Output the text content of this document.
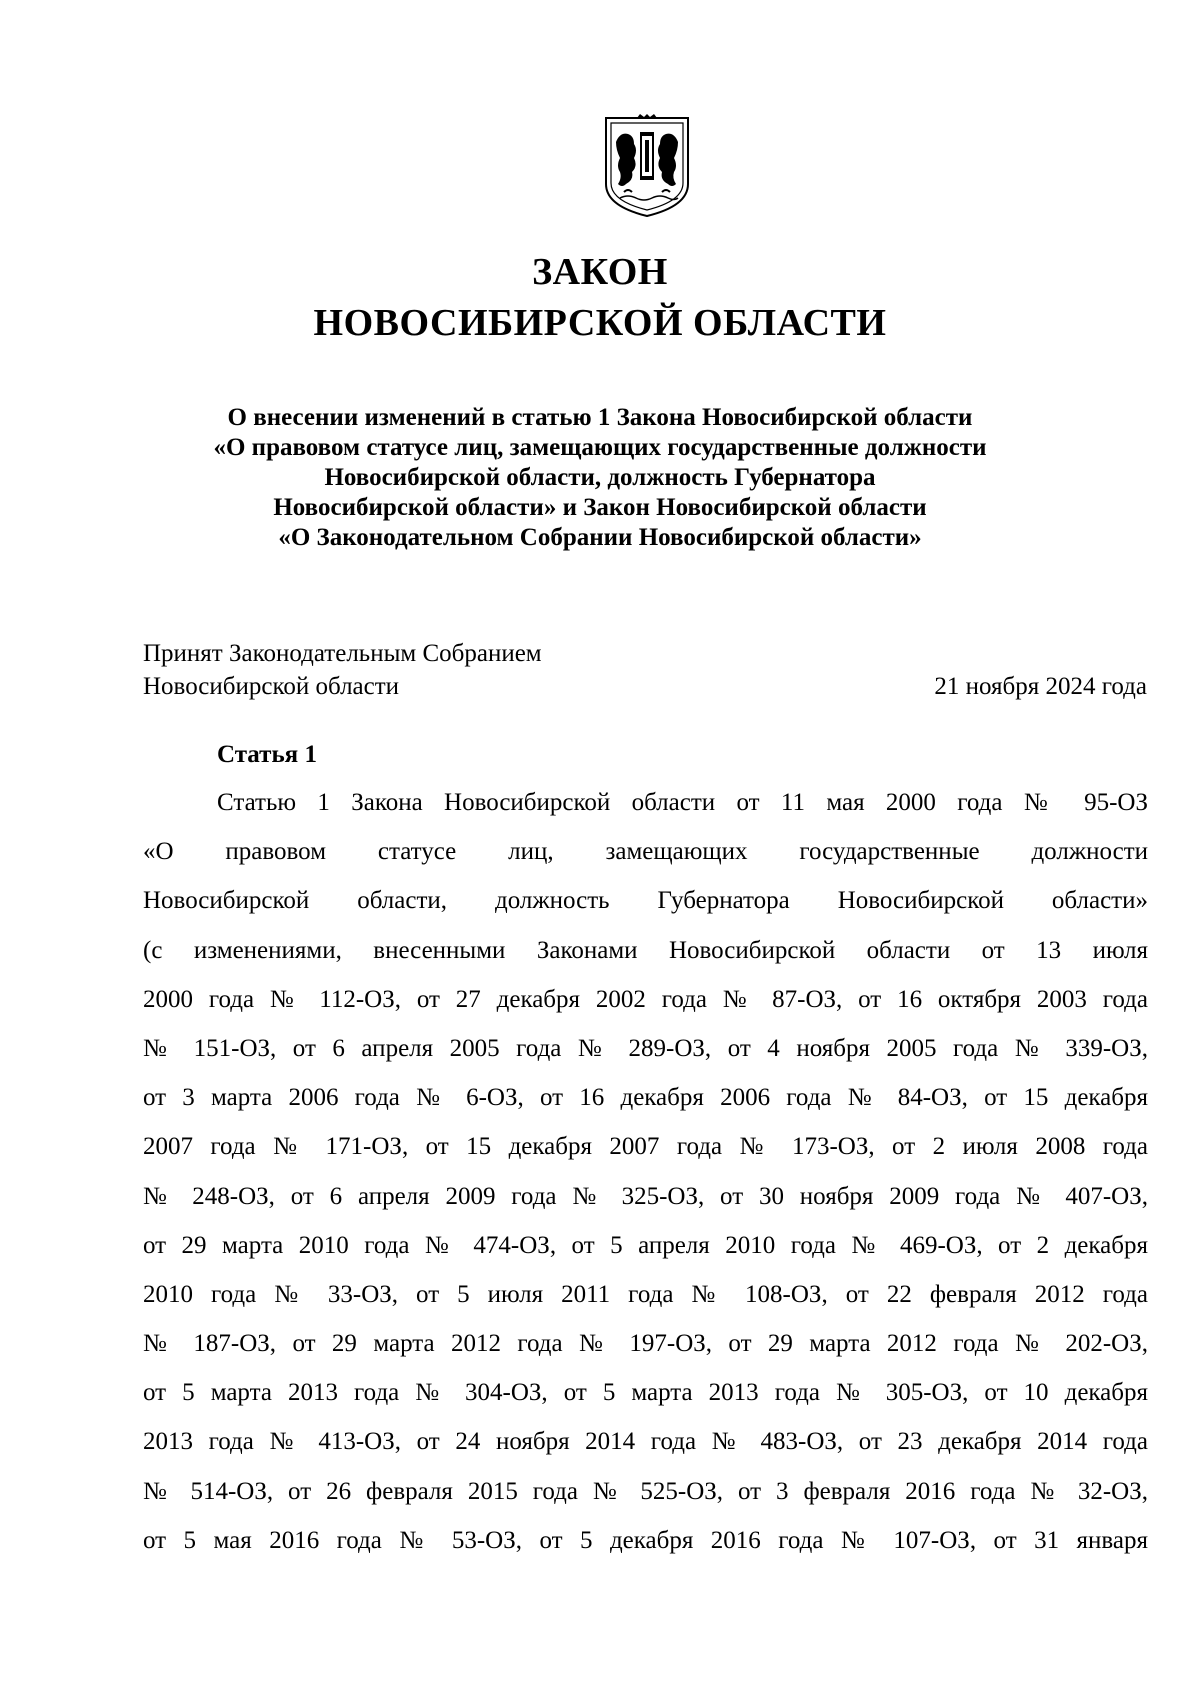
ЗАКОН
НОВОСИБИРСКОЙ ОБЛАСТИ
О внесении изменений в статью 1 Закона Новосибирской области
«О правовом статусе лиц, замещающих государственные должности
Новосибирской области, должность Губернатора
Новосибирской области» и Закон Новосибирской области
«О Законодательном Собрании Новосибирской области»
Принят Законодательным Собранием
Новосибирской области	21 ноября 2024 года
Статья 1
Статью 1 Закона Новосибирской области от 11 мая 2000 года № 95-ОЗ
«О правовом статусе лиц, замещающих государственные должности
Новосибирской области, должность Губернатора Новосибирской области»
(с изменениями, внесенными Законами Новосибирской области от 13 июля
2000 года № 112-ОЗ, от 27 декабря 2002 года № 87-ОЗ, от 16 октября 2003 года
№ 151-ОЗ, от 6 апреля 2005 года № 289-ОЗ, от 4 ноября 2005 года № 339-ОЗ,
от 3 марта 2006 года № 6-ОЗ, от 16 декабря 2006 года № 84-ОЗ, от 15 декабря
2007 года № 171-ОЗ, от 15 декабря 2007 года № 173-ОЗ, от 2 июля 2008 года
№ 248-ОЗ, от 6 апреля 2009 года № 325-ОЗ, от 30 ноября 2009 года № 407-ОЗ,
от 29 марта 2010 года № 474-ОЗ, от 5 апреля 2010 года № 469-ОЗ, от 2 декабря
2010 года № 33-ОЗ, от 5 июля 2011 года № 108-ОЗ, от 22 февраля 2012 года
№ 187-ОЗ, от 29 марта 2012 года № 197-ОЗ, от 29 марта 2012 года № 202-ОЗ,
от 5 марта 2013 года № 304-ОЗ, от 5 марта 2013 года № 305-ОЗ, от 10 декабря
2013 года № 413-ОЗ, от 24 ноября 2014 года № 483-ОЗ, от 23 декабря 2014 года
№ 514-ОЗ, от 26 февраля 2015 года № 525-ОЗ, от 3 февраля 2016 года № 32-ОЗ,
от 5 мая 2016 года № 53-ОЗ, от 5 декабря 2016 года № 107-ОЗ, от 31 января
